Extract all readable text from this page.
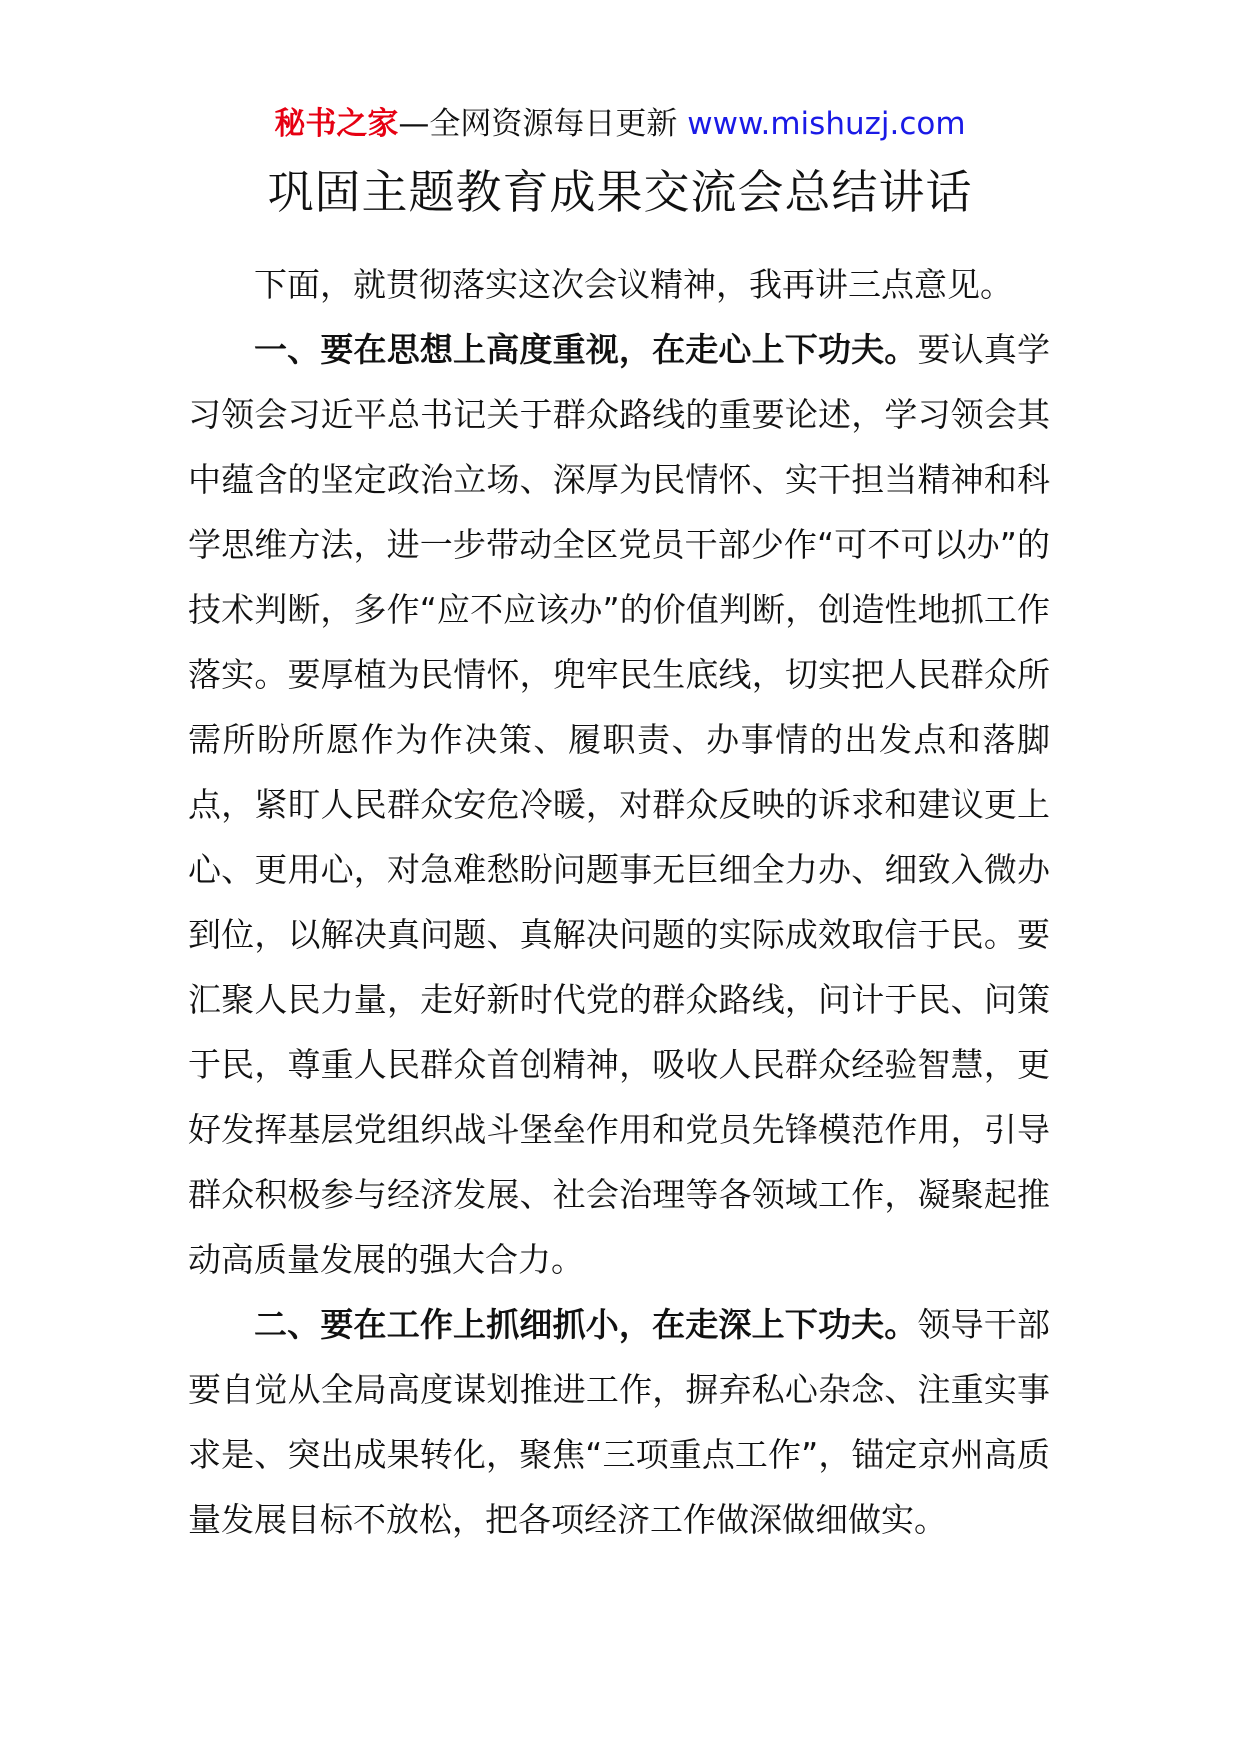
秘书之家—全网资源每日更新 www.mishuzj.com
巩固主题教育成果交流会总结讲话

下面，就贯彻落实这次会议精神，我再讲三点意见。

一、要在思想上高度重视，在走心上下功夫。要认真学习领会习近平总书记关于群众路线的重要论述，学习领会其中蕴含的坚定政治立场、深厚为民情怀、实干担当精神和科学思维方法，进一步带动全区党员干部少作“可不可以办”的技术判断，多作“应不应该办”的价值判断，创造性地抓工作落实。要厚植为民情怀，兜牢民生底线，切实把人民群众所需所盼所愿作为作决策、履职责、办事情的出发点和落脚点，紧盯人民群众安危冷暖，对群众反映的诉求和建议更上心、更用心，对急难愁盼问题事无巨细全力办、细致入微办到位，以解决真问题、真解决问题的实际成效取信于民。要汇聚人民力量，走好新时代党的群众路线，问计于民、问策于民，尊重人民群众首创精神，吸收人民群众经验智慧，更好发挥基层党组织战斗堡垒作用和党员先锋模范作用，引导群众积极参与经济发展、社会治理等各领域工作，凝聚起推动高质量发展的强大合力。

二、要在工作上抓细抓小，在走深上下功夫。领导干部要自觉从全局高度谋划推进工作，摒弃私心杂念、注重实事求是、突出成果转化，聚焦“三项重点工作”，锚定京州高质量发展目标不放松，把各项经济工作做深做细做实。
